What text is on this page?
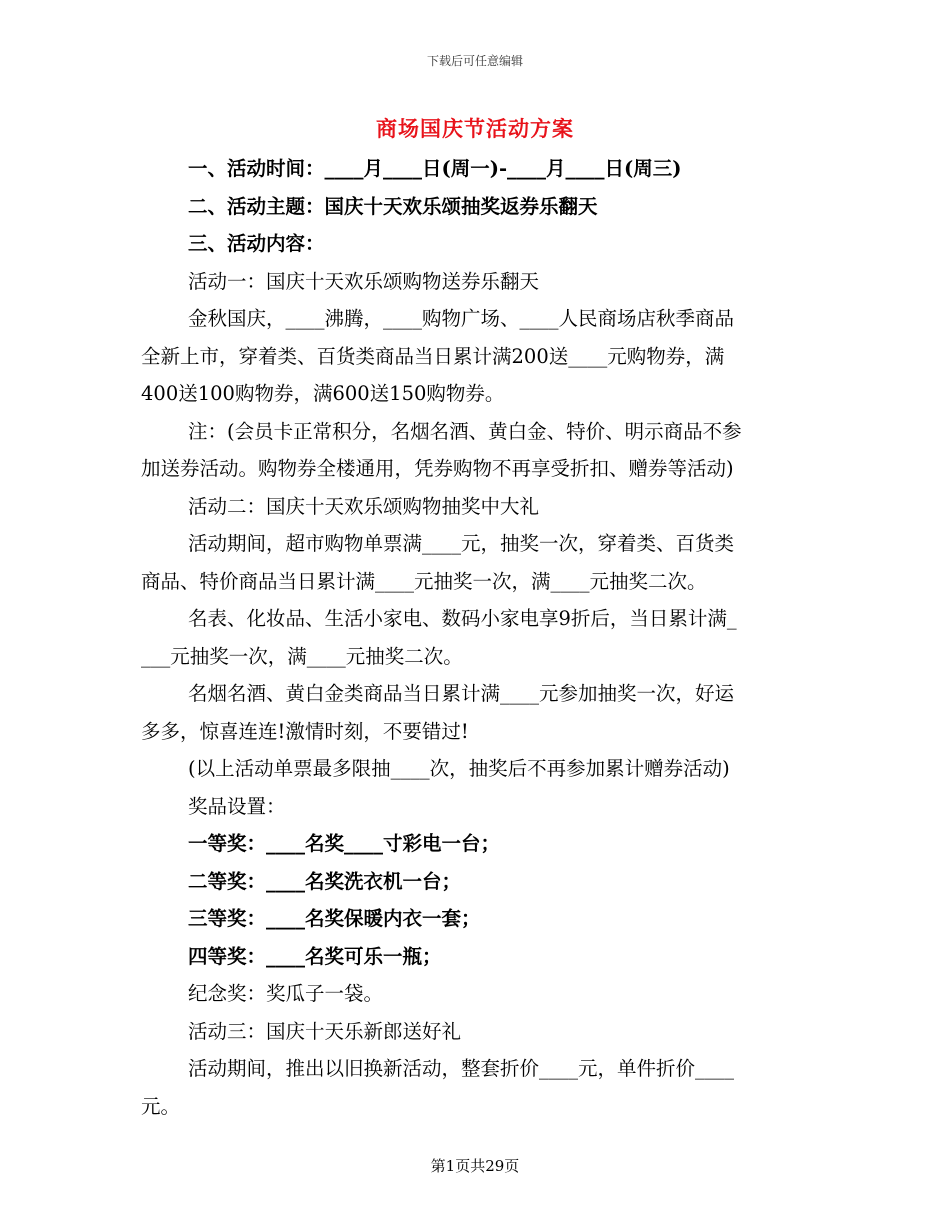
下载后可任意编辑
商场国庆节活动方案
一、活动时间：____月____日(周一)-____月____日(周三)
二、活动主题：国庆十天欢乐颂抽奖返券乐翻天
三、活动内容：
活动一：国庆十天欢乐颂购物送券乐翻天
金秋国庆，____沸腾，____购物广场、____人民商场店秋季商品
全新上市，穿着类、百货类商品当日累计满200送____元购物券，满
400送100购物券，满600送150购物券。
注：(会员卡正常积分，名烟名酒、黄白金、特价、明示商品不参
加送券活动。购物券全楼通用，凭券购物不再享受折扣、赠券等活动)
活动二：国庆十天欢乐颂购物抽奖中大礼
活动期间，超市购物单票满____元，抽奖一次，穿着类、百货类
商品、特价商品当日累计满____元抽奖一次，满____元抽奖二次。
名表、化妆品、生活小家电、数码小家电享9折后，当日累计满_
___元抽奖一次，满____元抽奖二次。
名烟名酒、黄白金类商品当日累计满____元参加抽奖一次，好运
多多，惊喜连连!激情时刻，不要错过!
(以上活动单票最多限抽____次，抽奖后不再参加累计赠券活动)
奖品设置：
一等奖：____名奖____寸彩电一台；
二等奖：____名奖洗衣机一台；
三等奖：____名奖保暖内衣一套；
四等奖：____名奖可乐一瓶；
纪念奖：奖瓜子一袋。
活动三：国庆十天乐新郎送好礼
活动期间，推出以旧换新活动，整套折价____元，单件折价____
元。
第1页共29页
